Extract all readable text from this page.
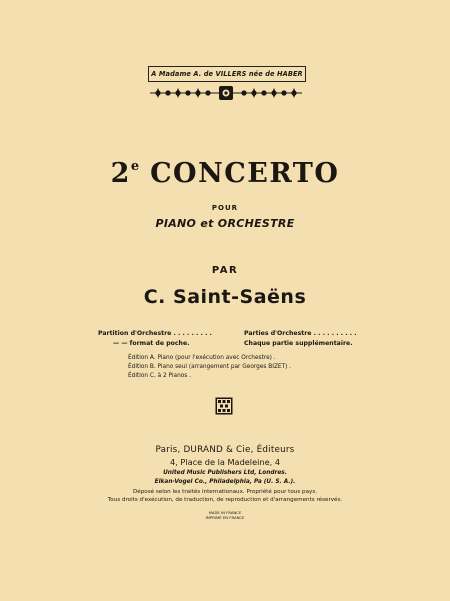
A Madame A. de VILLERS née de HABER
2e CONCERTO
POUR
PIANO et ORCHESTRE
PAR
C. Saint-Saëns
Partition d'Orchestre . . . . . . . . .
— — format de poche.
Parties d'Orchestre . . . . . . . . . .
Chaque partie supplémentaire.
Édition A. Piano (pour l'exécution avec Orchestre) .
Édition B. Piano seul (arrangement par Georges BIZET) .
Édition C. à 2 Pianos .
Paris, DURAND & Cie, Éditeurs
4, Place de la Madeleine, 4
United Music Publishers Ltd, Londres.
Elkan-Vogel Co., Philadelphia, Pa (U. S. A.).
Déposé selon les traités internationaux. Propriété pour tous pays.
Tous droits d'exécution, de traduction, de reproduction et d'arrangements réservés.
MADE IN FRANCE
IMPRIMÉ EN FRANCE
